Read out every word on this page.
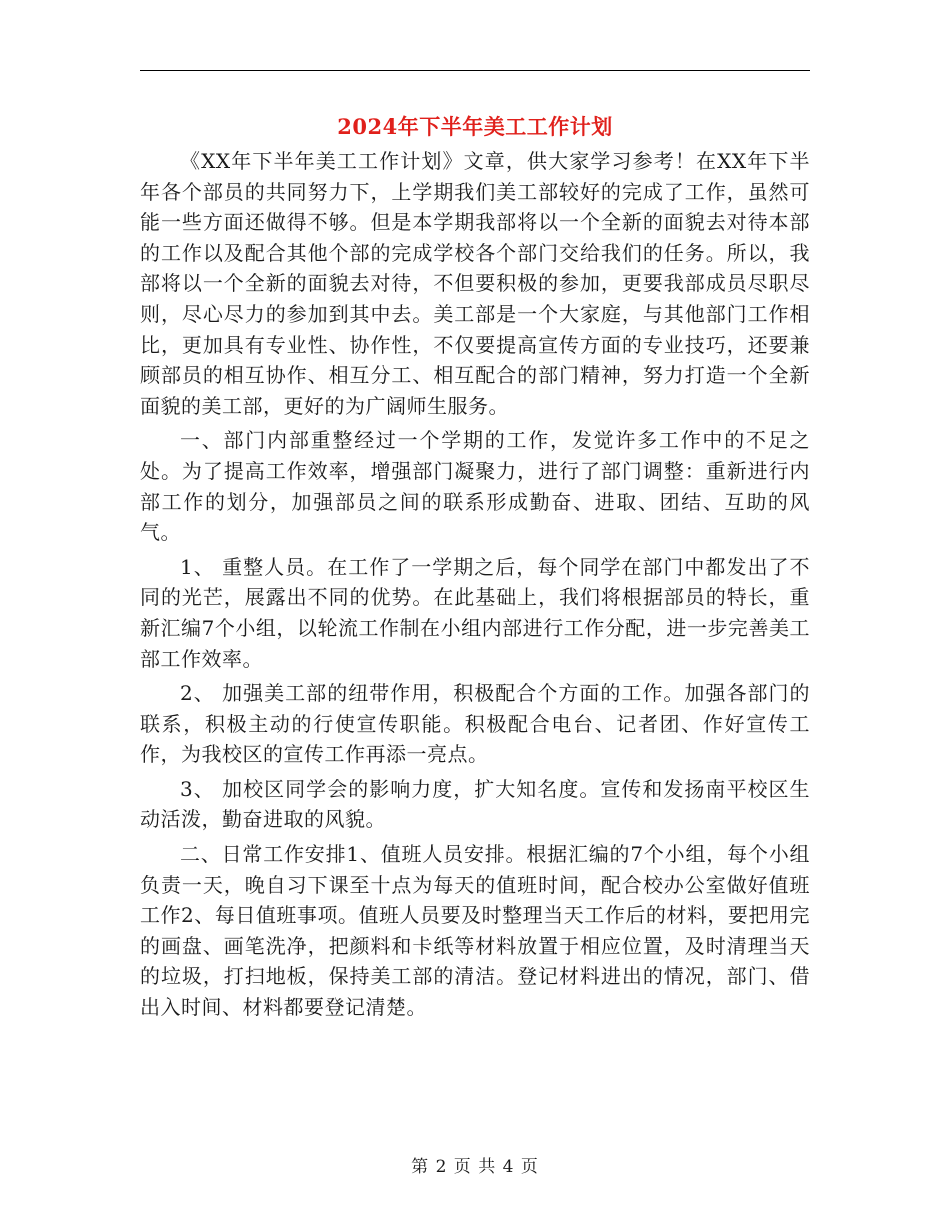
2024年下半年美工工作计划

《XX年下半年美工工作计划》文章，供大家学习参考！在XX年下半年各个部员的共同努力下，上学期我们美工部较好的完成了工作，虽然可能一些方面还做得不够。但是本学期我部将以一个全新的面貌去对待本部的工作以及配合其他个部的完成学校各个部门交给我们的任务。所以，我部将以一个全新的面貌去对待，不但要积极的参加，更要我部成员尽职尽则，尽心尽力的参加到其中去。美工部是一个大家庭，与其他部门工作相比，更加具有专业性、协作性，不仅要提高宣传方面的专业技巧，还要兼顾部员的相互协作、相互分工、相互配合的部门精神，努力打造一个全新面貌的美工部，更好的为广阔师生服务。

一、部门内部重整经过一个学期的工作，发觉许多工作中的不足之处。为了提高工作效率，增强部门凝聚力，进行了部门调整：重新进行内部工作的划分，加强部员之间的联系形成勤奋、进取、团结、互助的风气。

1、 重整人员。在工作了一学期之后，每个同学在部门中都发出了不同的光芒，展露出不同的优势。在此基础上，我们将根据部员的特长，重新汇编7个小组，以轮流工作制在小组内部进行工作分配，进一步完善美工部工作效率。

2、 加强美工部的纽带作用，积极配合个方面的工作。加强各部门的联系，积极主动的行使宣传职能。积极配合电台、记者团、作好宣传工作，为我校区的宣传工作再添一亮点。

3、 加校区同学会的影响力度，扩大知名度。宣传和发扬南平校区生动活泼，勤奋进取的风貌。

二、日常工作安排1、值班人员安排。根据汇编的7个小组，每个小组负责一天，晚自习下课至十点为每天的值班时间，配合校办公室做好值班工作2、每日值班事项。值班人员要及时整理当天工作后的材料，要把用完的画盘、画笔洗净，把颜料和卡纸等材料放置于相应位置，及时清理当天的垃圾，打扫地板，保持美工部的清洁。登记材料进出的情况，部门、借出入时间、材料都要登记清楚。

第 2 页 共 4 页
